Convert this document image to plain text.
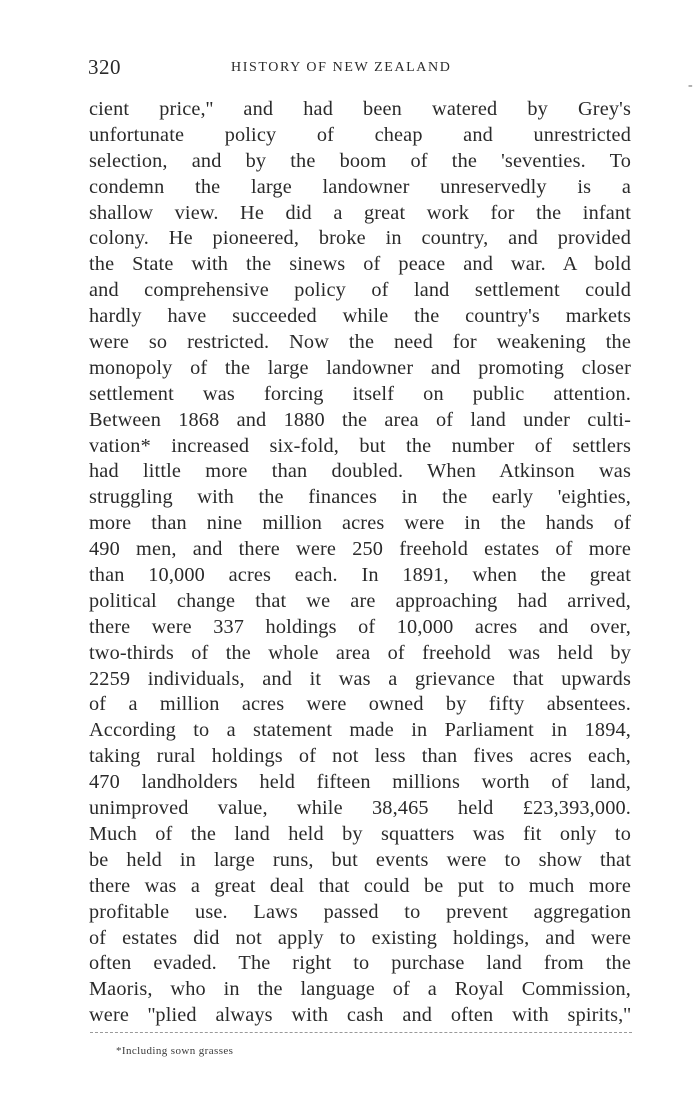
320	HISTORY OF NEW ZEALAND
-
cient price,'' and had been watered by Grey's
unfortunate policy of cheap and unrestricted
selection, and by the boom of the 'seventies. To
condemn the large landowner unreservedly is a
shallow view. He did a great work for the infant
colony. He pioneered, broke in country, and provided
the State with the sinews of peace and war. A bold
and comprehensive policy of land settlement could
hardly have succeeded while the country's markets
were so restricted. Now the need for weakening the
monopoly of the large landowner and promoting closer
settlement was forcing itself on public attention.
Between 1868 and 1880 the area of land under culti-
vation* increased six-fold, but the number of settlers
had little more than doubled. When Atkinson was
struggling with the finances in the early 'eighties,
more than nine million acres were in the hands of
490 men, and there were 250 freehold estates of more
than 10,000 acres each. In 1891, when the great
political change that we are approaching had arrived,
there were 337 holdings of 10,000 acres and over,
two-thirds of the whole area of freehold was held by
2259 individuals, and it was a grievance that upwards
of a million acres were owned by fifty absentees.
According to a statement made in Parliament in 1894,
taking rural holdings of not less than fives acres each,
470 landholders held fifteen millions worth of land,
unimproved value, while 38,465 held £23,393,000.
Much of the land held by squatters was fit only to
be held in large runs, but events were to show that
there was a great deal that could be put to much more
profitable use. Laws passed to prevent aggregation
of estates did not apply to existing holdings, and were
often evaded. The right to purchase land from the
Maoris, who in the language of a Royal Commission,
were ''plied always with cash and often with spirits,''
*Including sown grasses
